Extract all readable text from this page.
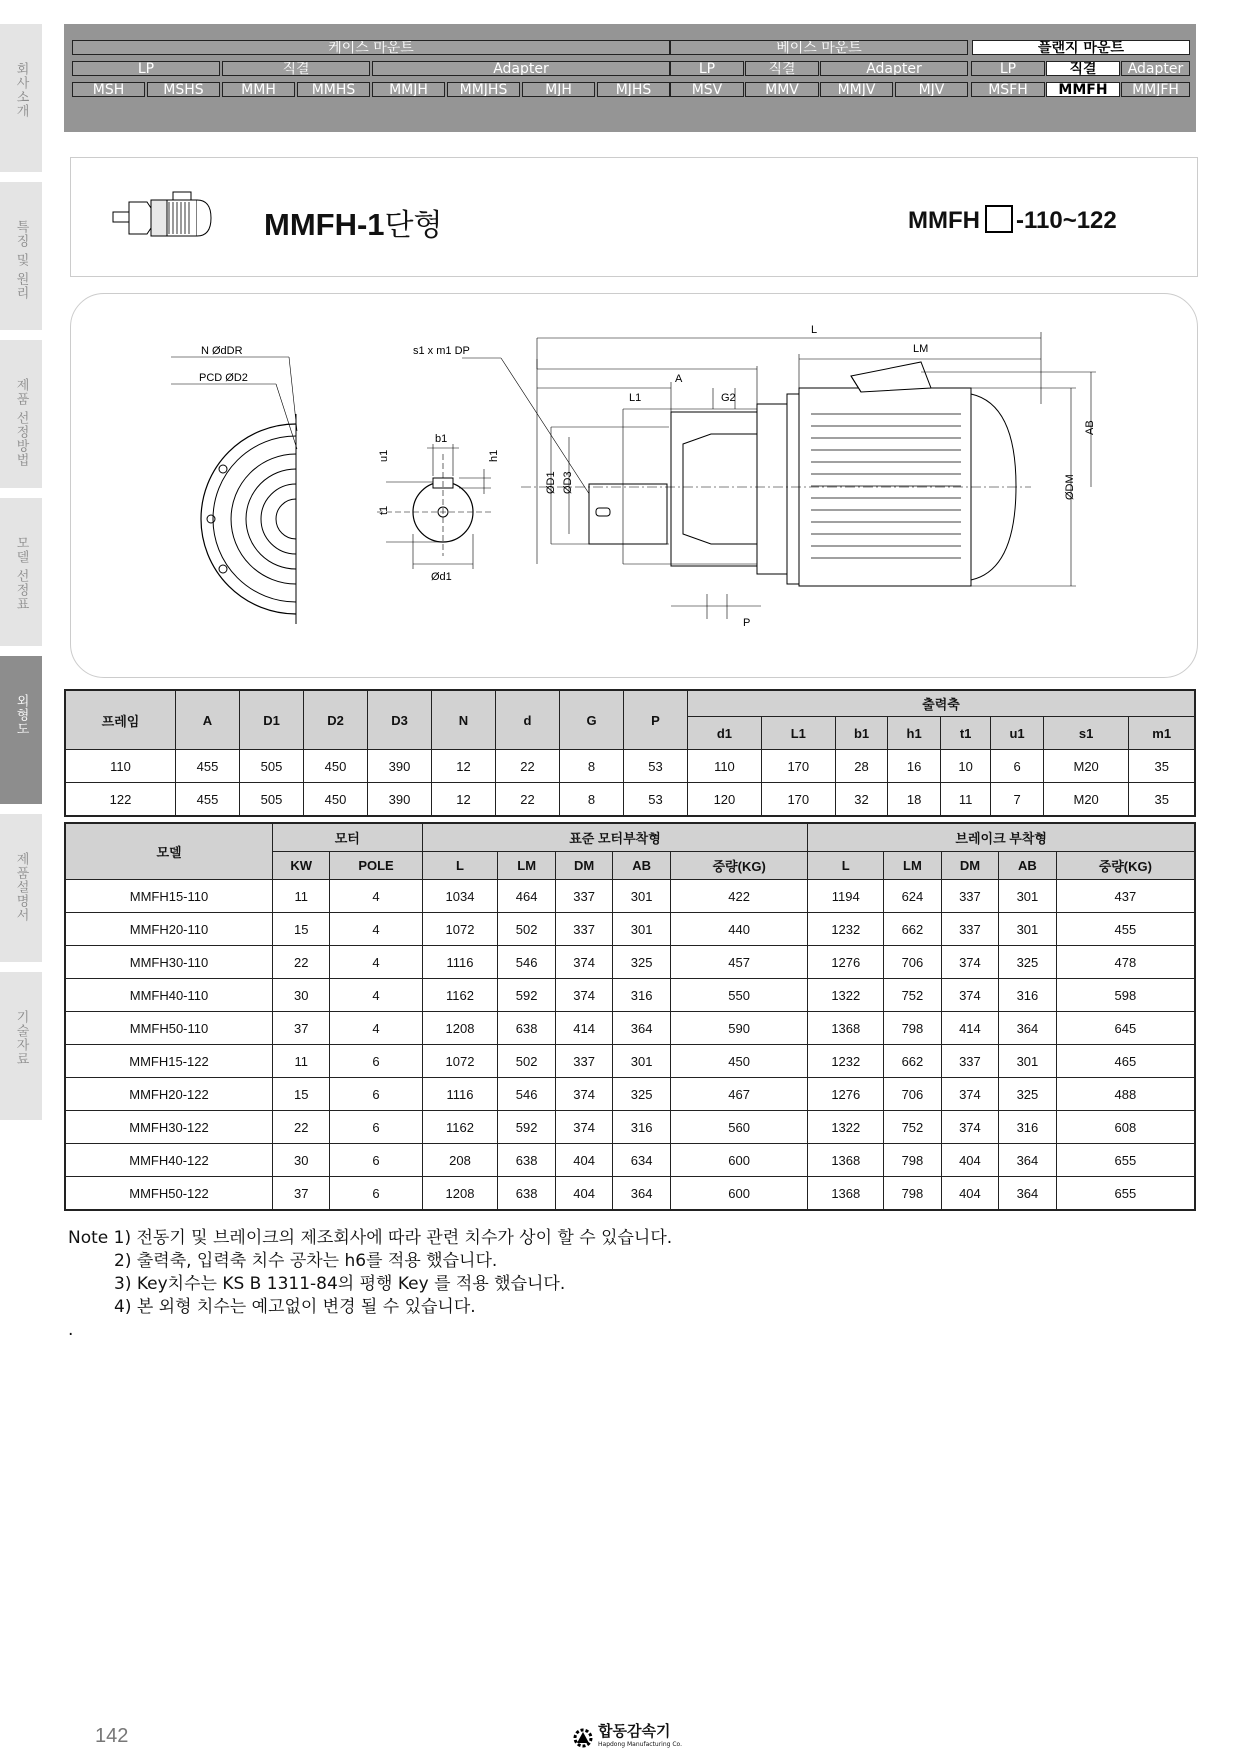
회사소개
특징 및 원리
제품 선정방법
모델 선정표
외형도
제품설명서
기술자료
케이스 마운트	베이스 마운트	플랜지 마운트
LP	직결	Adapter	LP	직결	Adapter	LP	직결	Adapter
MSH	MSHS	MMH	MMHS	MMJH	MMJHS	MJH	MJHS	MSV	MMV	MMJV	MJV	MSFH	MMFH	MMJFH
MMFH-1단형	MMFH -110~122
N ØdDR
PCD ØD2
s1 x m1 DP
b1
u1	h1
t1
Ød1
L
LM
A
L1	G2
ØD1 ØD3
AB
ØDM
P
프레임	A	D1	D2	D3	N	d	G	P	출력축							
									d1	L1	b1	h1	t1	u1	s1	m1
110	455	505	450	390	12	22	8	53	110	170	28	16	10	6	M20	35
122	455	505	450	390	12	22	8	53	120	170	32	18	11	7	M20	35
모델	모터		표준 모터부착형					브레이크 부착형				
	KW	POLE	L	LM	DM	AB	중량(KG)	L	LM	DM	AB	중량(KG)
MMFH15-110	11	4	1034	464	337	301	422	1194	624	337	301	437
MMFH20-110	15	4	1072	502	337	301	440	1232	662	337	301	455
MMFH30-110	22	4	1116	546	374	325	457	1276	706	374	325	478
MMFH40-110	30	4	1162	592	374	316	550	1322	752	374	316	598
MMFH50-110	37	4	1208	638	414	364	590	1368	798	414	364	645
MMFH15-122	11	6	1072	502	337	301	450	1232	662	337	301	465
MMFH20-122	15	6	1116	546	374	325	467	1276	706	374	325	488
MMFH30-122	22	6	1162	592	374	316	560	1322	752	374	316	608
MMFH40-122	30	6	208	638	404	634	600	1368	798	404	364	655
MMFH50-122	37	6	1208	638	404	364	600	1368	798	404	364	655
Note 1) 전동기 및 브레이크의 제조회사에 따라 관련 치수가 상이 할 수 있습니다.
2) 출력축, 입력축 치수 공차는 h6를 적용 했습니다.
3) Key치수는 KS B 1311-84의 평행 Key 를 적용 했습니다.
4) 본 외형 치수는 예고없이 변경 될 수 있습니다.
.
142	합동감속기
Hapdong Manufacturing Co.
